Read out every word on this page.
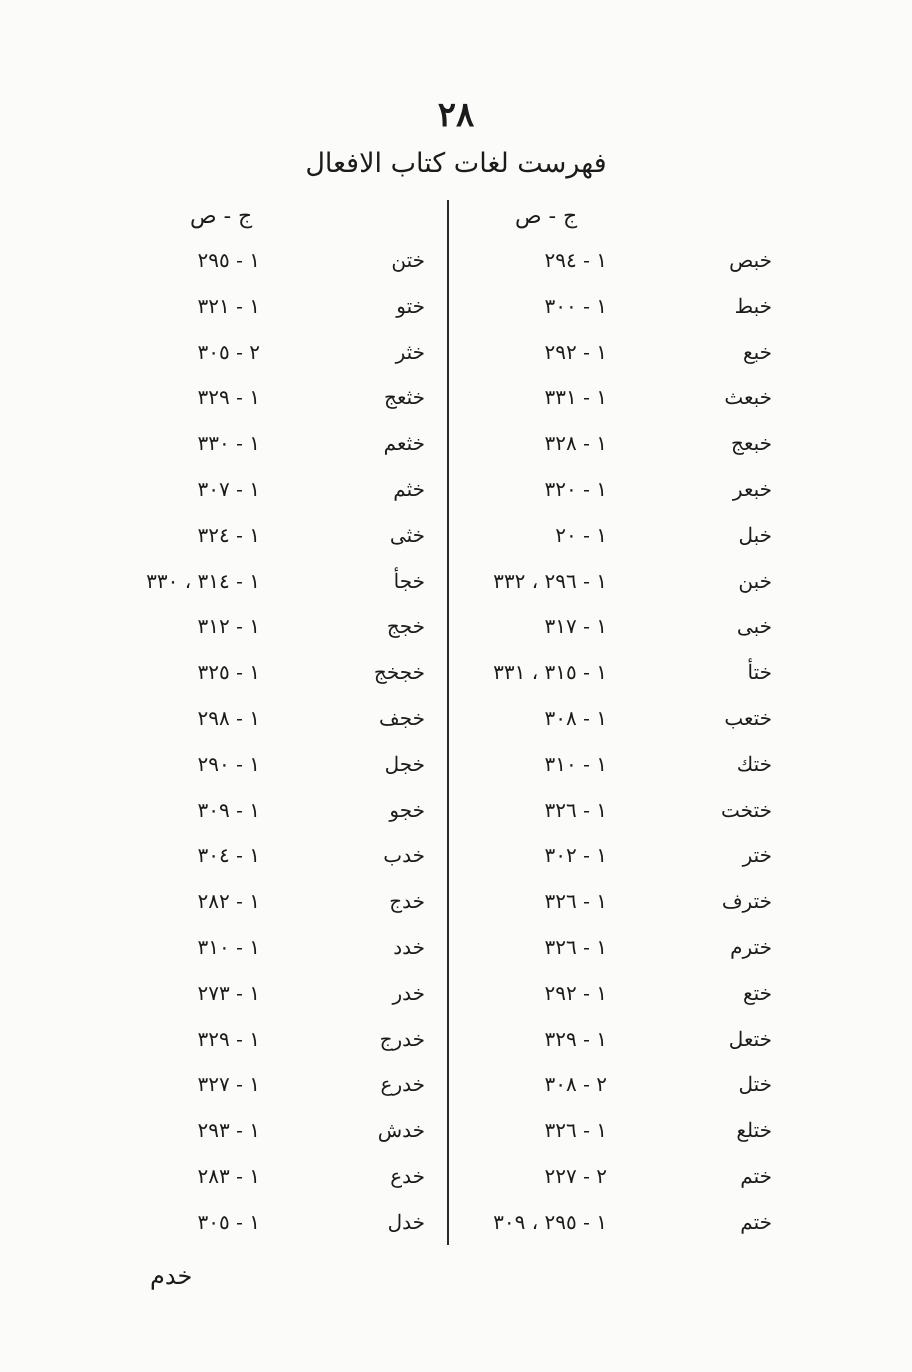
٢٨
فهرست لغات كتاب الافعال
ج - ص
ج - ص
خبص
١ - ٢٩٤
ختن
١ - ٢٩٥
خبط
١ - ٣٠٠
ختو
١ - ٣٢١
خبع
١ - ٢٩٢
خثر
٢ - ٣٠٥
خبعث
١ - ٣٣١
خثعج
١ - ٣٢٩
خبعج
١ - ٣٢٨
خثعم
١ - ٣٣٠
خبعر
١ - ٣٢٠
خثم
١ - ٣٠٧
خبل
١ - ٢٠
خثى
١ - ٣٢٤
خبن
١ - ٢٩٦ ، ٣٣٢
خجأ
١ - ٣١٤ ، ٣٣٠
خبى
١ - ٣١٧
خجج
١ - ٣١٢
ختأ
١ - ٣١٥ ، ٣٣١
خجخج
١ - ٣٢٥
ختعب
١ - ٣٠٨
خجف
١ - ٢٩٨
ختك
١ - ٣١٠
خجل
١ - ٢٩٠
ختخت
١ - ٣٢٦
خجو
١ - ٣٠٩
ختر
١ - ٣٠٢
خدب
١ - ٣٠٤
خترف
١ - ٣٢٦
خدج
١ - ٢٨٢
خترم
١ - ٣٢٦
خدد
١ - ٣١٠
ختع
١ - ٢٩٢
خدر
١ - ٢٧٣
ختعل
١ - ٣٢٩
خدرج
١ - ٣٢٩
ختل
٢ - ٣٠٨
خدرع
١ - ٣٢٧
ختلع
١ - ٣٢٦
خدش
١ - ٢٩٣
ختم
٢ - ٢٢٧
خدع
١ - ٢٨٣
ختم
١ - ٢٩٥ ، ٣٠٩
خدل
١ - ٣٠٥
خدم
